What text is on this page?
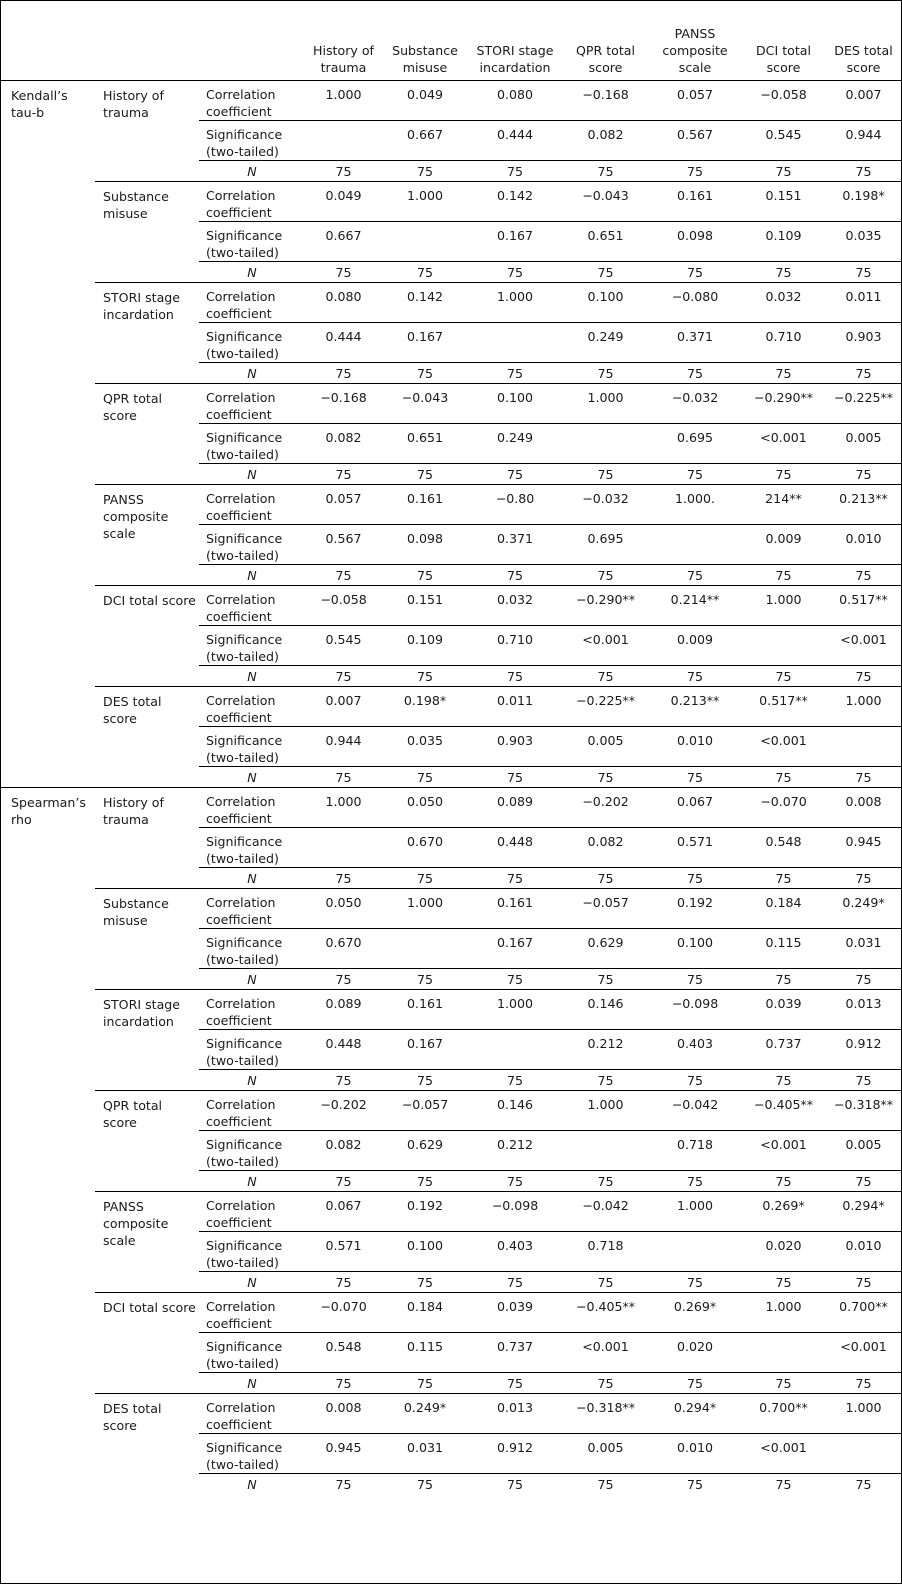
			History of trauma	Substance misuse	STORI stage incardation	QPR total score	PANSS composite scale	DCI total score	DES total score
Kendall’s tau-b	History of trauma	Correlation coefficient	1.000	0.049	0.080	−0.168	0.057	−0.058	0.007
		Significance (two-tailed)		0.667	0.444	0.082	0.567	0.545	0.944
		N	75	75	75	75	75	75	75
	Substance misuse	Correlation coefficient	0.049	1.000	0.142	−0.043	0.161	0.151	0.198*
		Significance (two-tailed)	0.667		0.167	0.651	0.098	0.109	0.035
		N	75	75	75	75	75	75	75
	STORI stage incardation	Correlation coefficient	0.080	0.142	1.000	0.100	−0.080	0.032	0.011
		Significance (two-tailed)	0.444	0.167		0.249	0.371	0.710	0.903
		N	75	75	75	75	75	75	75
	QPR total score	Correlation coefficient	−0.168	−0.043	0.100	1.000	−0.032	−0.290**	−0.225**
		Significance (two-tailed)	0.082	0.651	0.249		0.695	<0.001	0.005
		N	75	75	75	75	75	75	75
	PANSS composite scale	Correlation coefficient	0.057	0.161	−0.80	−0.032	1.000.	214**	0.213**
		Significance (two-tailed)	0.567	0.098	0.371	0.695		0.009	0.010
		N	75	75	75	75	75	75	75
	DCI total score	Correlation coefficient	−0.058	0.151	0.032	−0.290**	0.214**	1.000	0.517**
		Significance (two-tailed)	0.545	0.109	0.710	<0.001	0.009		<0.001
		N	75	75	75	75	75	75	75
	DES total score	Correlation coefficient	0.007	0.198*	0.011	−0.225**	0.213**	0.517**	1.000
		Significance (two-tailed)	0.944	0.035	0.903	0.005	0.010	<0.001	
		N	75	75	75	75	75	75	75
Spearman’s rho	History of trauma	Correlation coefficient	1.000	0.050	0.089	−0.202	0.067	−0.070	0.008
		Significance (two-tailed)		0.670	0.448	0.082	0.571	0.548	0.945
		N	75	75	75	75	75	75	75
	Substance misuse	Correlation coefficient	0.050	1.000	0.161	−0.057	0.192	0.184	0.249*
		Significance (two-tailed)	0.670		0.167	0.629	0.100	0.115	0.031
		N	75	75	75	75	75	75	75
	STORI stage incardation	Correlation coefficient	0.089	0.161	1.000	0.146	−0.098	0.039	0.013
		Significance (two-tailed)	0.448	0.167		0.212	0.403	0.737	0.912
		N	75	75	75	75	75	75	75
	QPR total score	Correlation coefficient	−0.202	−0.057	0.146	1.000	−0.042	−0.405**	−0.318**
		Significance (two-tailed)	0.082	0.629	0.212		0.718	<0.001	0.005
		N	75	75	75	75	75	75	75
	PANSS composite scale	Correlation coefficient	0.067	0.192	−0.098	−0.042	1.000	0.269*	0.294*
		Significance (two-tailed)	0.571	0.100	0.403	0.718		0.020	0.010
		N	75	75	75	75	75	75	75
	DCI total score	Correlation coefficient	−0.070	0.184	0.039	−0.405**	0.269*	1.000	0.700**
		Significance (two-tailed)	0.548	0.115	0.737	<0.001	0.020		<0.001
		N	75	75	75	75	75	75	75
	DES total score	Correlation coefficient	0.008	0.249*	0.013	−0.318**	0.294*	0.700**	1.000
		Significance (two-tailed)	0.945	0.031	0.912	0.005	0.010	<0.001	
		N	75	75	75	75	75	75	75
